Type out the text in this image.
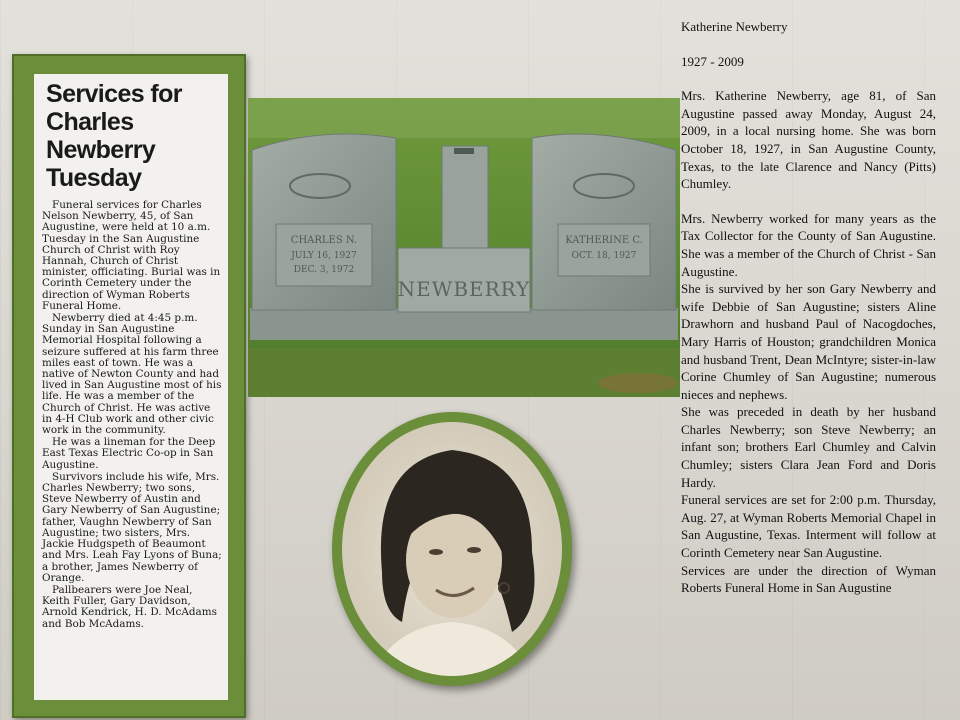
Services for
Charles Newberry
Tuesday

Funeral services for Charles Nelson Newberry, 45, of San Augustine, were held at 10 a.m. Tuesday in the San Augustine Church of Christ with Roy Hannah, Church of Christ minister, officiating. Burial was in Corinth Cemetery under the direction of Wyman Roberts Funeral Home.

Newberry died at 4:45 p.m. Sunday in San Augustine Memorial Hospital following a seizure suffered at his farm three miles east of town. He was a native of Newton County and had lived in San Augustine most of his life. He was a member of the Church of Christ. He was active in 4-H Club work and other civic work in the community.

He was a lineman for the Deep East Texas Electric Co-op in San Augustine.

Survivors include his wife, Mrs. Charles Newberry; two sons, Steve Newberry of Austin and Gary Newberry of San Augustine; father, Vaughn Newberry of San Augustine; two sisters, Mrs. Jackie Hudgspeth of Beaumont and Mrs. Leah Fay Lyons of Buna; a brother, James Newberry of Orange.

Pallbearers were Joe Neal, Keith Fuller, Gary Davidson, Arnold Kendrick, H. D. McAdams and Bob McAdams.

CHARLES N.
JULY 16, 1927
DEC. 3, 1972
KATHERINE C.
OCT. 18, 1927
NEWBERRY
Katherine Newberry
1927 - 2009

Mrs. Katherine Newberry, age 81, of San Augustine passed away Monday, August 24, 2009, in a local nursing home. She was born October 18, 1927, in San Augustine County, Texas, to the late Clarence and Nancy (Pitts) Chumley.

Mrs. Newberry worked for many years as the Tax Collector for the County of San Augustine. She was a member of the Church of Christ - San Augustine.

She is survived by her son Gary Newberry and wife Debbie of San Augustine; sisters Aline Drawhorn and husband Paul of Nacogdoches, Mary Harris of Houston; grandchildren Monica and husband Trent, Dean McIntyre; sister-in-law Corine Chumley of San Augustine; numerous nieces and nephews.

She was preceded in death by her husband Charles Newberry; son Steve Newberry; an infant son; brothers Earl Chumley and Calvin Chumley; sisters Clara Jean Ford and Doris Hardy.

Funeral services are set for 2:00 p.m. Thursday, Aug. 27, at Wyman Roberts Memorial Chapel in San Augustine, Texas. Interment will follow at Corinth Cemetery near San Augustine.

Services are under the direction of Wyman Roberts Funeral Home in San Augustine
